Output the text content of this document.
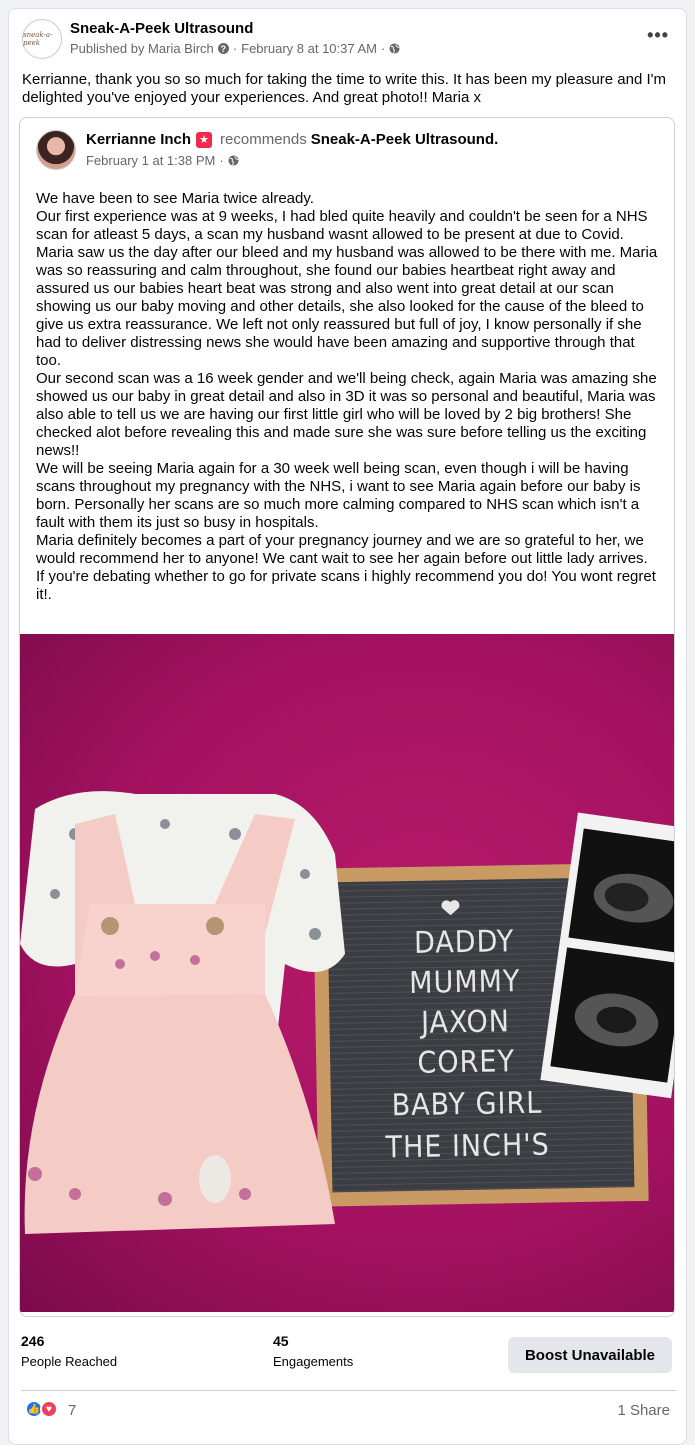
sneak-a-peek
Sneak-A-Peek Ultrasound
Published by Maria Birch ? · February 8 at 10:37 AM ·
•••
Kerrianne, thank you so so much for taking the time to write this. It has been my pleasure and I'm delighted you've enjoyed your experiences. And great photo!! Maria x
Kerrianne Inch ★ recommends Sneak-A-Peek Ultrasound.
February 1 at 1:38 PM ·

We have been to see Maria twice already.

Our first experience was at 9 weeks, I had bled quite heavily and couldn't be seen for a NHS scan for atleast 5 days, a scan my husband wasnt allowed to be present at due to Covid. Maria saw us the day after our bleed and my husband was allowed to be there with me. Maria was so reassuring and calm throughout, she found our babies heartbeat right away and assured us our babies heart beat was strong and also went into great detail at our scan showing us our baby moving and other details, she also looked for the cause of the bleed to give us extra reassurance. We left not only reassured but full of joy, I know personally if she had to deliver distressing news she would have been amazing and supportive through that too.

Our second scan was a 16 week gender and we'll being check, again Maria was amazing she showed us our baby in great detail and also in 3D it was so personal and beautiful, Maria was also able to tell us we are having our first little girl who will be loved by 2 big brothers! She checked alot before revealing this and made sure she was sure before telling us the exciting news!!

We will be seeing Maria again for a 30 week well being scan, even though i will be having scans throughout my pregnancy with the NHS, i want to see Maria again before our baby is born. Personally her scans are so much more calming compared to NHS scan which isn't a fault with them its just so busy in hospitals.

Maria definitely becomes a part of your pregnancy journey and we are so grateful to her, we would recommend her to anyone! We cant wait to see her again before out little lady arrives.

If you're debating whether to go for private scans i highly recommend you do! You wont regret it!.

DADDY
MUMMY
JAXON
COREY
BABY GIRL
THE INCH'S
246
People Reached
45
Engagements	Boost Unavailable
👍 ♥	7	1 Share
